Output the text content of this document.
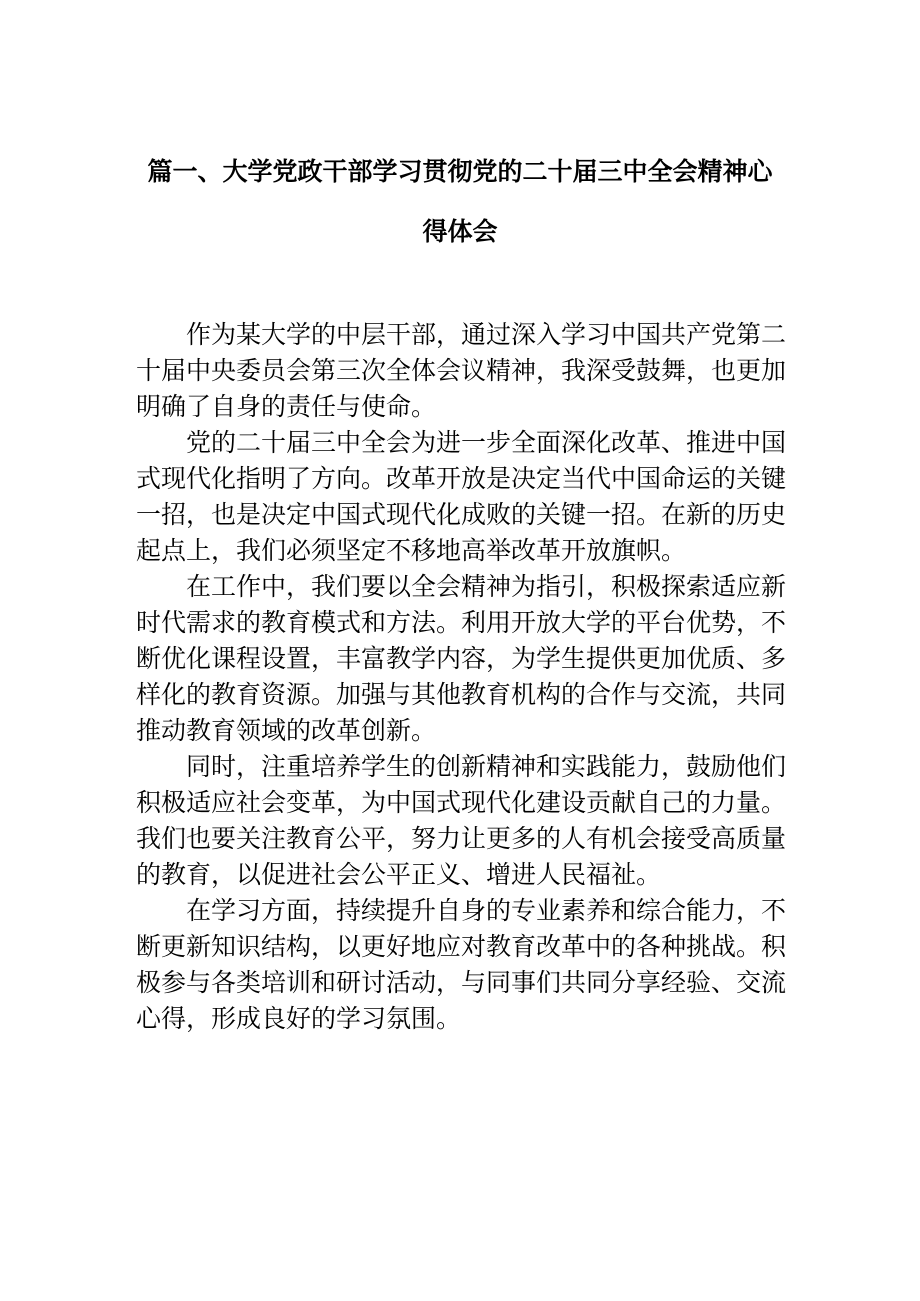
篇一、大学党政干部学习贯彻党的二十届三中全会精神心
得体会

作为某大学的中层干部，通过深入学习中国共产党第二十届中央委员会第三次全体会议精神，我深受鼓舞，也更加明确了自身的责任与使命。

党的二十届三中全会为进一步全面深化改革、推进中国式现代化指明了方向。改革开放是决定当代中国命运的关键一招，也是决定中国式现代化成败的关键一招。在新的历史起点上，我们必须坚定不移地高举改革开放旗帜。

在工作中，我们要以全会精神为指引，积极探索适应新时代需求的教育模式和方法。利用开放大学的平台优势，不断优化课程设置，丰富教学内容，为学生提供更加优质、多样化的教育资源。加强与其他教育机构的合作与交流，共同推动教育领域的改革创新。

同时，注重培养学生的创新精神和实践能力，鼓励他们积极适应社会变革，为中国式现代化建设贡献自己的力量。我们也要关注教育公平，努力让更多的人有机会接受高质量的教育，以促进社会公平正义、增进人民福祉。

在学习方面，持续提升自身的专业素养和综合能力，不断更新知识结构，以更好地应对教育改革中的各种挑战。积极参与各类培训和研讨活动，与同事们共同分享经验、交流心得，形成良好的学习氛围。
